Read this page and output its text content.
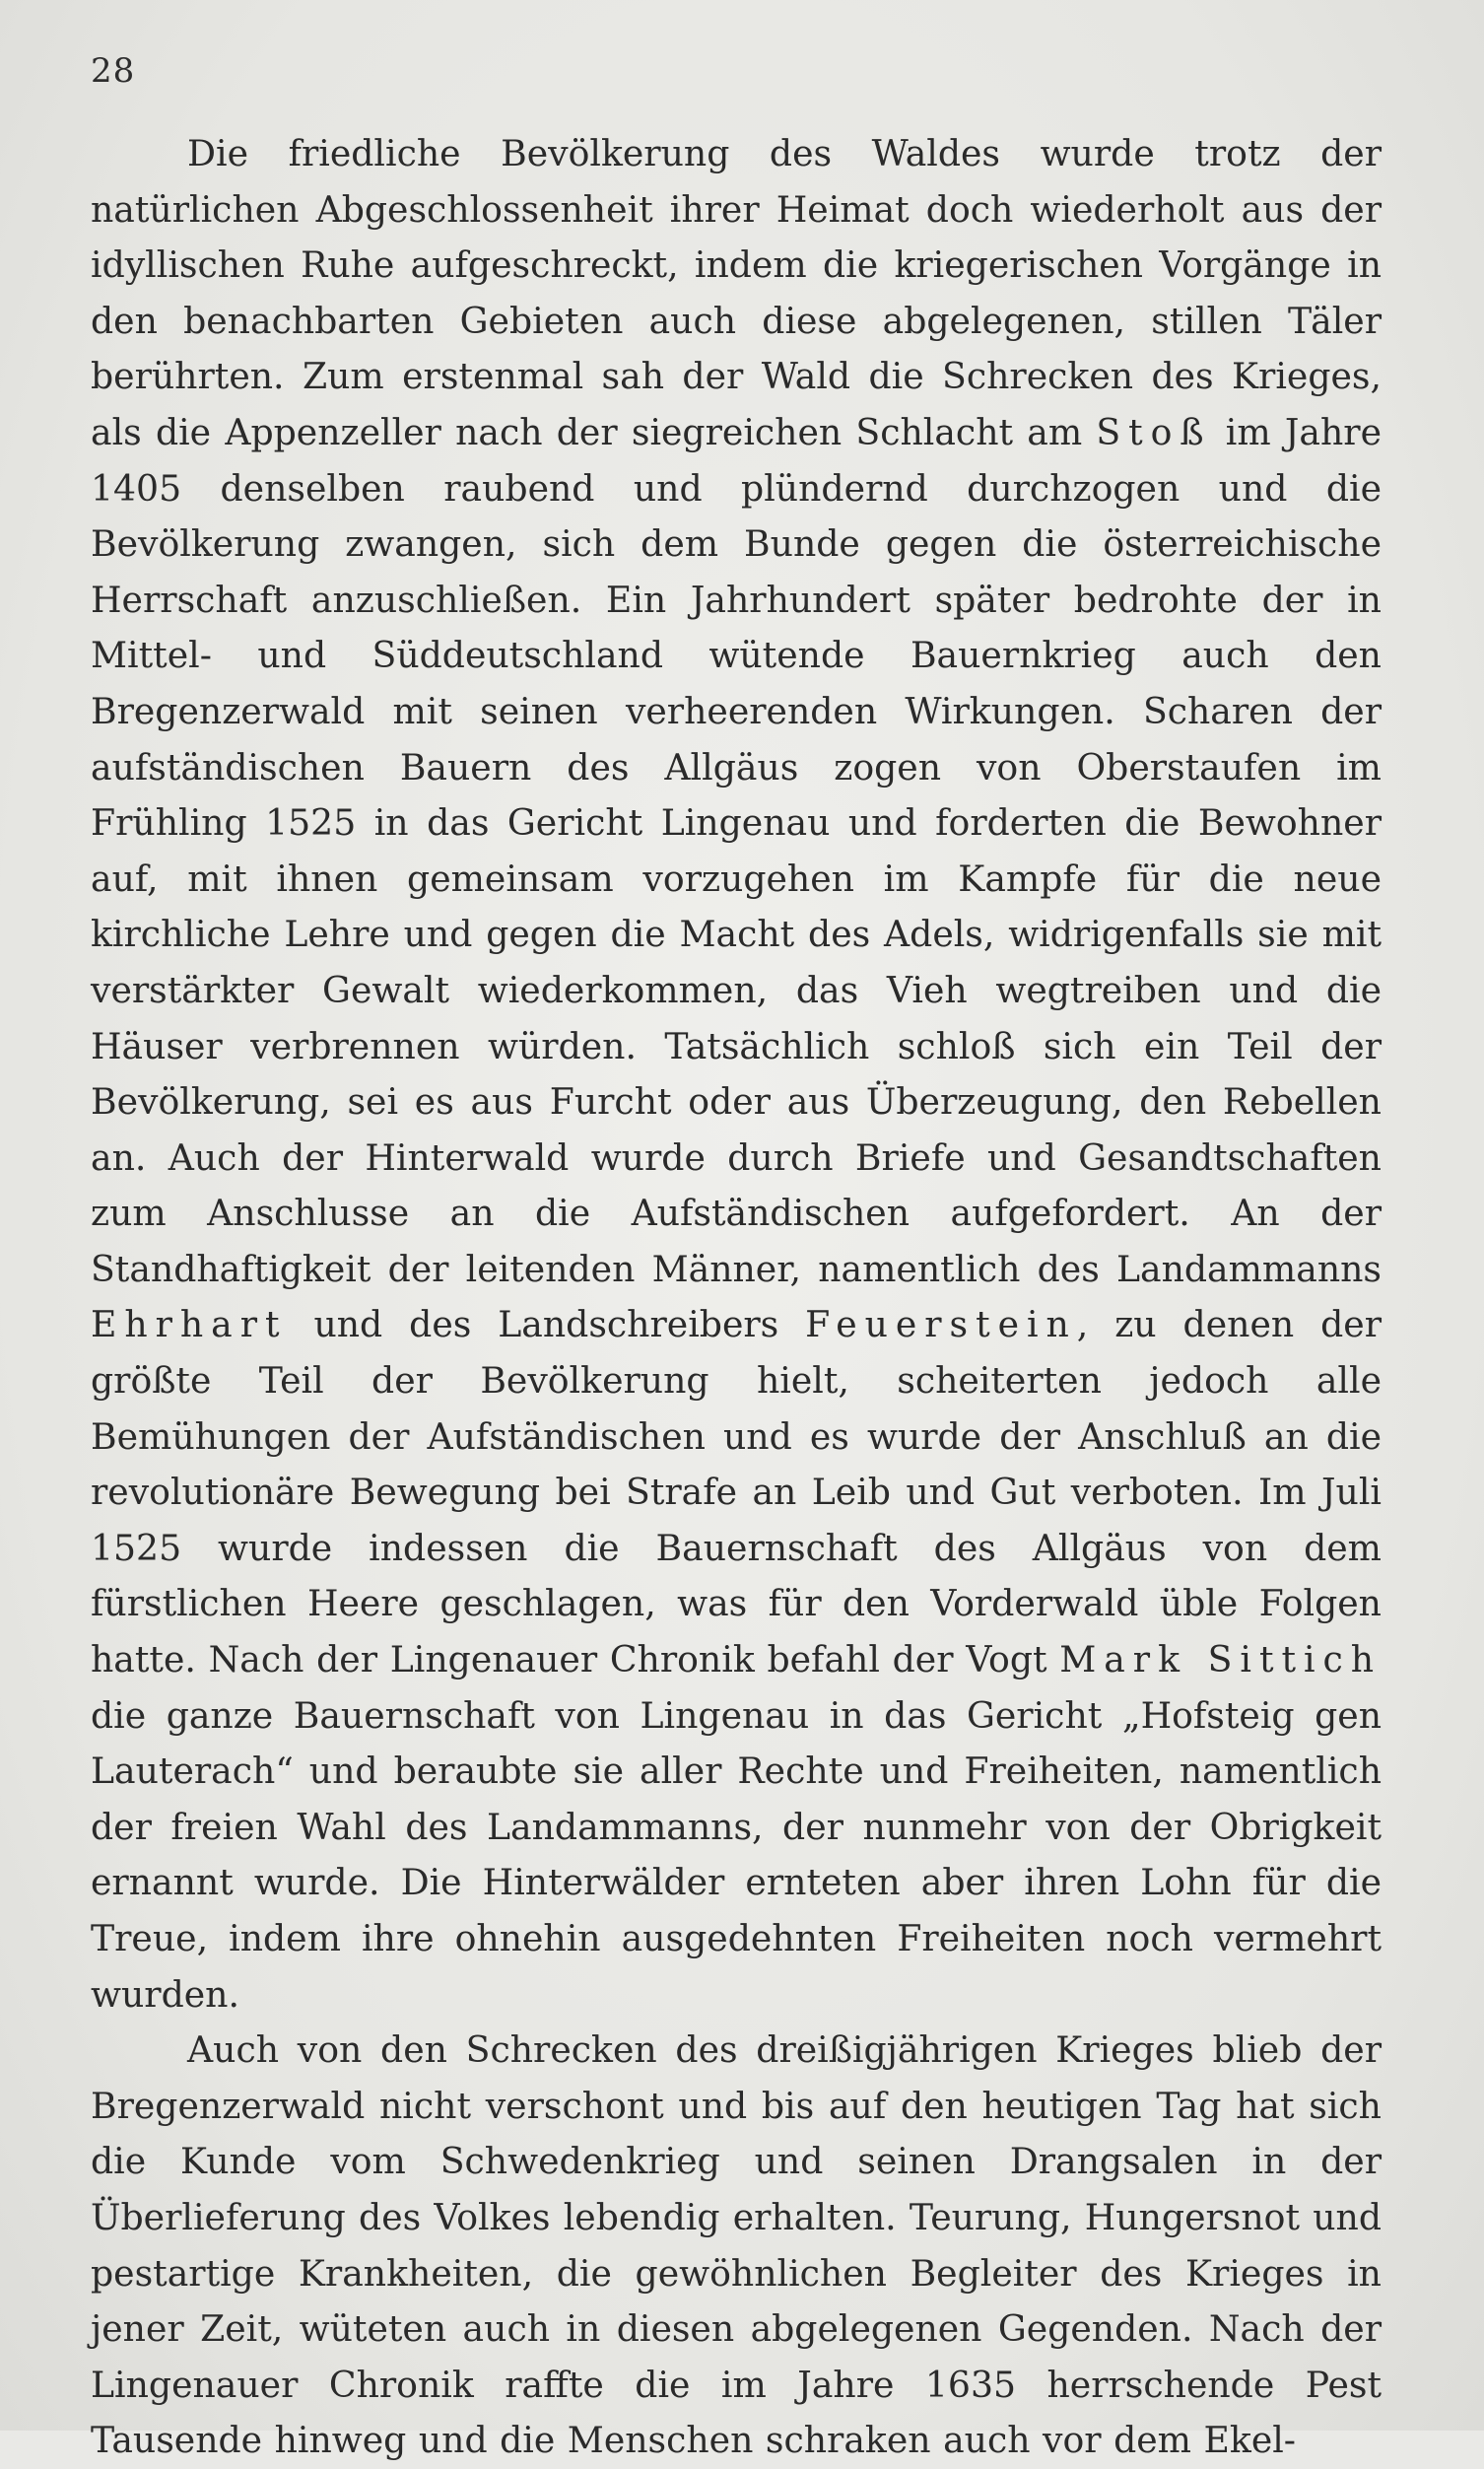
28

Die friedliche Bevölkerung des Waldes wurde trotz der natürlichen Abgeschlossenheit ihrer Heimat doch wiederholt aus der idyllischen Ruhe aufgeschreckt, indem die kriegerischen Vorgänge in den benachbarten Gebieten auch diese abgelegenen, stillen Täler berührten. Zum erstenmal sah der Wald die Schrecken des Krieges, als die Appenzeller nach der siegreichen Schlacht am Stoß im Jahre 1405 denselben raubend und plündernd durchzogen und die Bevölkerung zwangen, sich dem Bunde gegen die österreichische Herrschaft anzuschließen. Ein Jahrhundert später bedrohte der in Mittel- und Süddeutschland wütende Bauernkrieg auch den Bregenzerwald mit seinen verheerenden Wirkungen. Scharen der aufständischen Bauern des Allgäus zogen von Oberstaufen im Frühling 1525 in das Gericht Lingenau und forderten die Bewohner auf, mit ihnen gemeinsam vorzugehen im Kampfe für die neue kirchliche Lehre und gegen die Macht des Adels, widrigenfalls sie mit verstärkter Gewalt wiederkommen, das Vieh wegtreiben und die Häuser verbrennen würden. Tatsächlich schloß sich ein Teil der Bevölkerung, sei es aus Furcht oder aus Überzeugung, den Rebellen an. Auch der Hinterwald wurde durch Briefe und Gesandtschaften zum Anschlusse an die Aufständischen aufgefordert. An der Standhaftigkeit der leitenden Männer, namentlich des Landammanns Ehrhart und des Landschreibers Feuerstein, zu denen der größte Teil der Bevölkerung hielt, scheiterten jedoch alle Bemühungen der Aufständischen und es wurde der Anschluß an die revolutionäre Bewegung bei Strafe an Leib und Gut verboten. Im Juli 1525 wurde indessen die Bauernschaft des Allgäus von dem fürstlichen Heere geschlagen, was für den Vorderwald üble Folgen hatte. Nach der Lingenauer Chronik befahl der Vogt Mark Sittich die ganze Bauernschaft von Lingenau in das Gericht „Hofsteig gen Lauterach“ und beraubte sie aller Rechte und Freiheiten, namentlich der freien Wahl des Landammanns, der nunmehr von der Obrigkeit ernannt wurde. Die Hinterwälder ernteten aber ihren Lohn für die Treue, indem ihre ohnehin ausgedehnten Freiheiten noch vermehrt wurden.

Auch von den Schrecken des dreißigjährigen Krieges blieb der Bregenzerwald nicht verschont und bis auf den heutigen Tag hat sich die Kunde vom Schwedenkrieg und seinen Drangsalen in der Überlieferung des Volkes lebendig erhalten. Teurung, Hungersnot und pestartige Krankheiten, die gewöhnlichen Begleiter des Krieges in jener Zeit, wüteten auch in diesen abgelegenen Gegenden. Nach der Lingenauer Chronik raffte die im Jahre 1635 herrschende Pest Tausende hinweg und die Menschen schraken auch vor dem Ekel-
